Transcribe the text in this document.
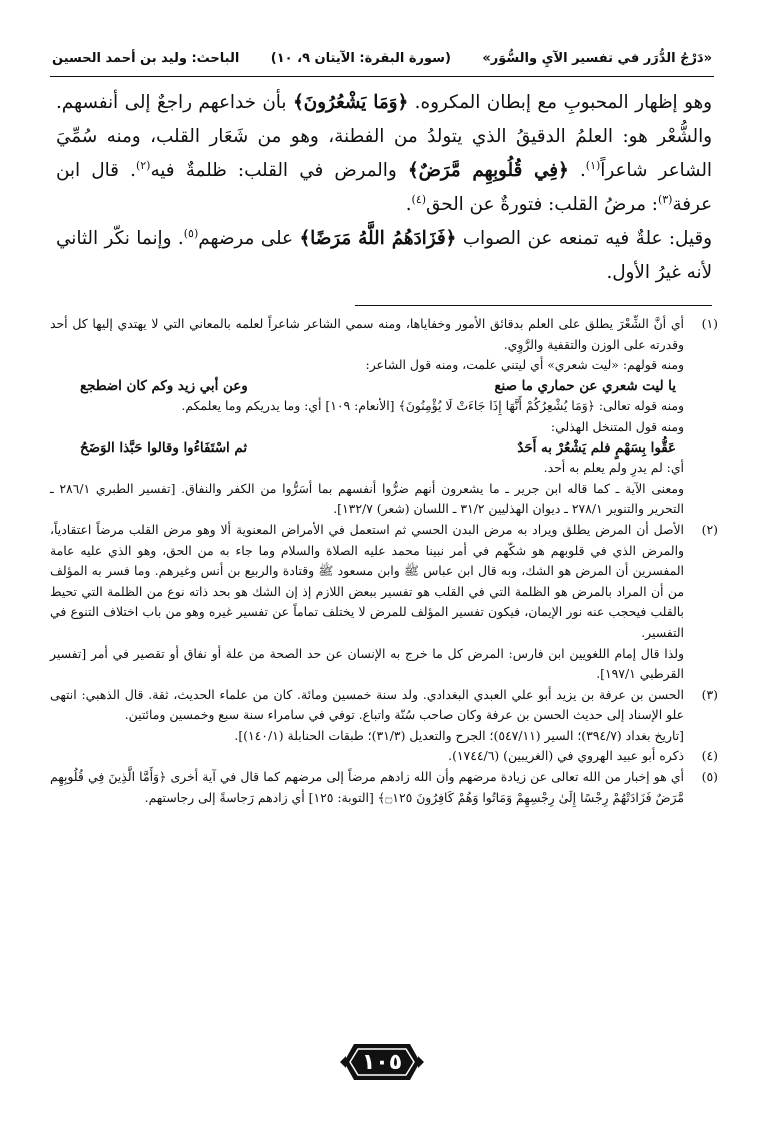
«دَرْجُ الدُّرَر في تفسير الآيِ والسُّوَر»
(سورة البقرة: الآيتان ٩، ١٠)
الباحث: وليد بن أحمد الحسين

وهو إظهار المحبوبِ مع إبطان المكروه. ﴿وَمَا يَشْعُرُونَ﴾ بأن خداعهم راجعٌ إلى أنفسهم. والشُّعْر هو: العلمُ الدقيقُ الذي يتولدُ من الفطنة، وهو من شَعَار القلب، ومنه سُمِّيَ الشاعر شاعراً$^{(١)}$. ﴿فِي قُلُوبِهِم مَّرَضٌ﴾ والمرض في القلب: ظلمةٌ فيه$^{(٢)}$. قال ابن عرفة$^{(٣)}$: مرضُ القلب: فتورةٌ عن الحق$^{(٤)}$.

وقيل: علةٌ فيه تمنعه عن الصواب ﴿فَزَادَهُمُ اللَّهُ مَرَضًا﴾ على مرضهم$^{(٥)}$. وإنما نكّر الثاني لأنه غيرُ الأول.

(١)

أي أنَّ الشِّعْرَ يطلق على العلم بدقائق الأمور وخفاياها، ومنه سمي الشاعر شاعراً لعلمه بالمعاني التي لا يهتدي إليها كل أحد وقدرته على الوزن والتقفية والرَّوِي.

ومنه قولهم: «ليت شعري» أي ليتني علمت، ومنه قول الشاعر:

يا ليت شعري عن حماري ما صنع
وعن أبي زيد وكم كان اضطجع

ومنه قوله تعالى: ﴿وَمَا يُشْعِرُكُمْ أَنَّهَا إِذَا جَاءَتْ لَا يُؤْمِنُونَ﴾ [الأنعام: ١٠٩] أي: وما يدريكم وما يعلمكم.

ومنه قول المتنخل الهذلي:

عَقُّوا بِسَهْمٍ فلم يَشْعُرْ به أَحَدٌ
ثم اسْتَفَاءُوا وقالوا حَبَّذا الوَضَحُ

أي: لم يدرِ ولم يعلم به أحد.

ومعنى الآية ـ كما قاله ابن جرير ـ ما يشعرون أنهم ضرُّوا أنفسهم بما أسَرُّوا من الكفر والنفاق. [تفسير الطبري ٢٨٦/١ ـ التحرير والتنوير ٢٧٨/١ ـ ديوان الهذليين ٣١/٢ ـ اللسان (شعر) ١٣٢/٧].

(٢)

الأصل أن المرض يطلق ويراد به مرض البدن الحسي ثم استعمل في الأمراض المعنوية ألا وهو مرض القلب مرضاً اعتقادياً، والمرض الذي في قلوبهم هو شكّهم في أمر نبينا محمد عليه الصلاة والسلام وما جاء به من الحق، وهو الذي عليه عامة المفسرين أن المرض هو الشك، وبه قال ابن عباس ﷺ وابن مسعود ﷺ وقتادة والربيع بن أنس وغيرهم. وما فسر به المؤلف من أن المراد بالمرض هو الظلمة التي في القلب هو تفسير ببعض اللازم إذ إن الشك هو بحد ذاته نوع من الظلمة التي تحيط بالقلب فيحجب عنه نور الإيمان، فيكون تفسير المؤلف للمرض لا يختلف تماماً عن تفسير غيره وهو من باب اختلاف التنوع في التفسير.

ولذا قال إمام اللغويين ابن فارس: المرض كل ما خرج به الإنسان عن حد الصحة من علة أو نفاق أو تقصير في أمر [تفسير القرطبي ١٩٧/١].

(٣)

الحسن بن عرفة بن يزيد أبو علي العبدي البغدادي. ولد سنة خمسين ومائة. كان من علماء الحديث، ثقة. قال الذهبي: انتهى علو الإسناد إلى حديث الحسن بن عرفة وكان صاحب سُنّة واتباع. توفي في سامراء سنة سبع وخمسين ومائتين.

[تاريخ بغداد (٣٩٤/٧)؛ السير (٥٤٧/١١)؛ الجرح والتعديل (٣١/٣)؛ طبقات الحنابلة (١٤٠/١)].

(٤)

ذكره أبو عبيد الهروي في (الغريبين) (١٧٤٤/٦).

(٥)

أي هو إخبار من الله تعالى عن زيادة مرضهم وأن الله زادهم مرضاً إلى مرضهم كما قال في آية أخرى ﴿وَأَمَّا الَّذِينَ فِي قُلُوبِهِم مَّرَضٌ فَزَادَتْهُمْ رِجْسًا إِلَىٰ رِجْسِهِمْ وَمَاتُوا وَهُمْ كَافِرُونَ ۝١٢٥﴾ [التوبة: ١٢٥] أي زادهم رَجاسةً إلى رجاستهم.

١٠٥
